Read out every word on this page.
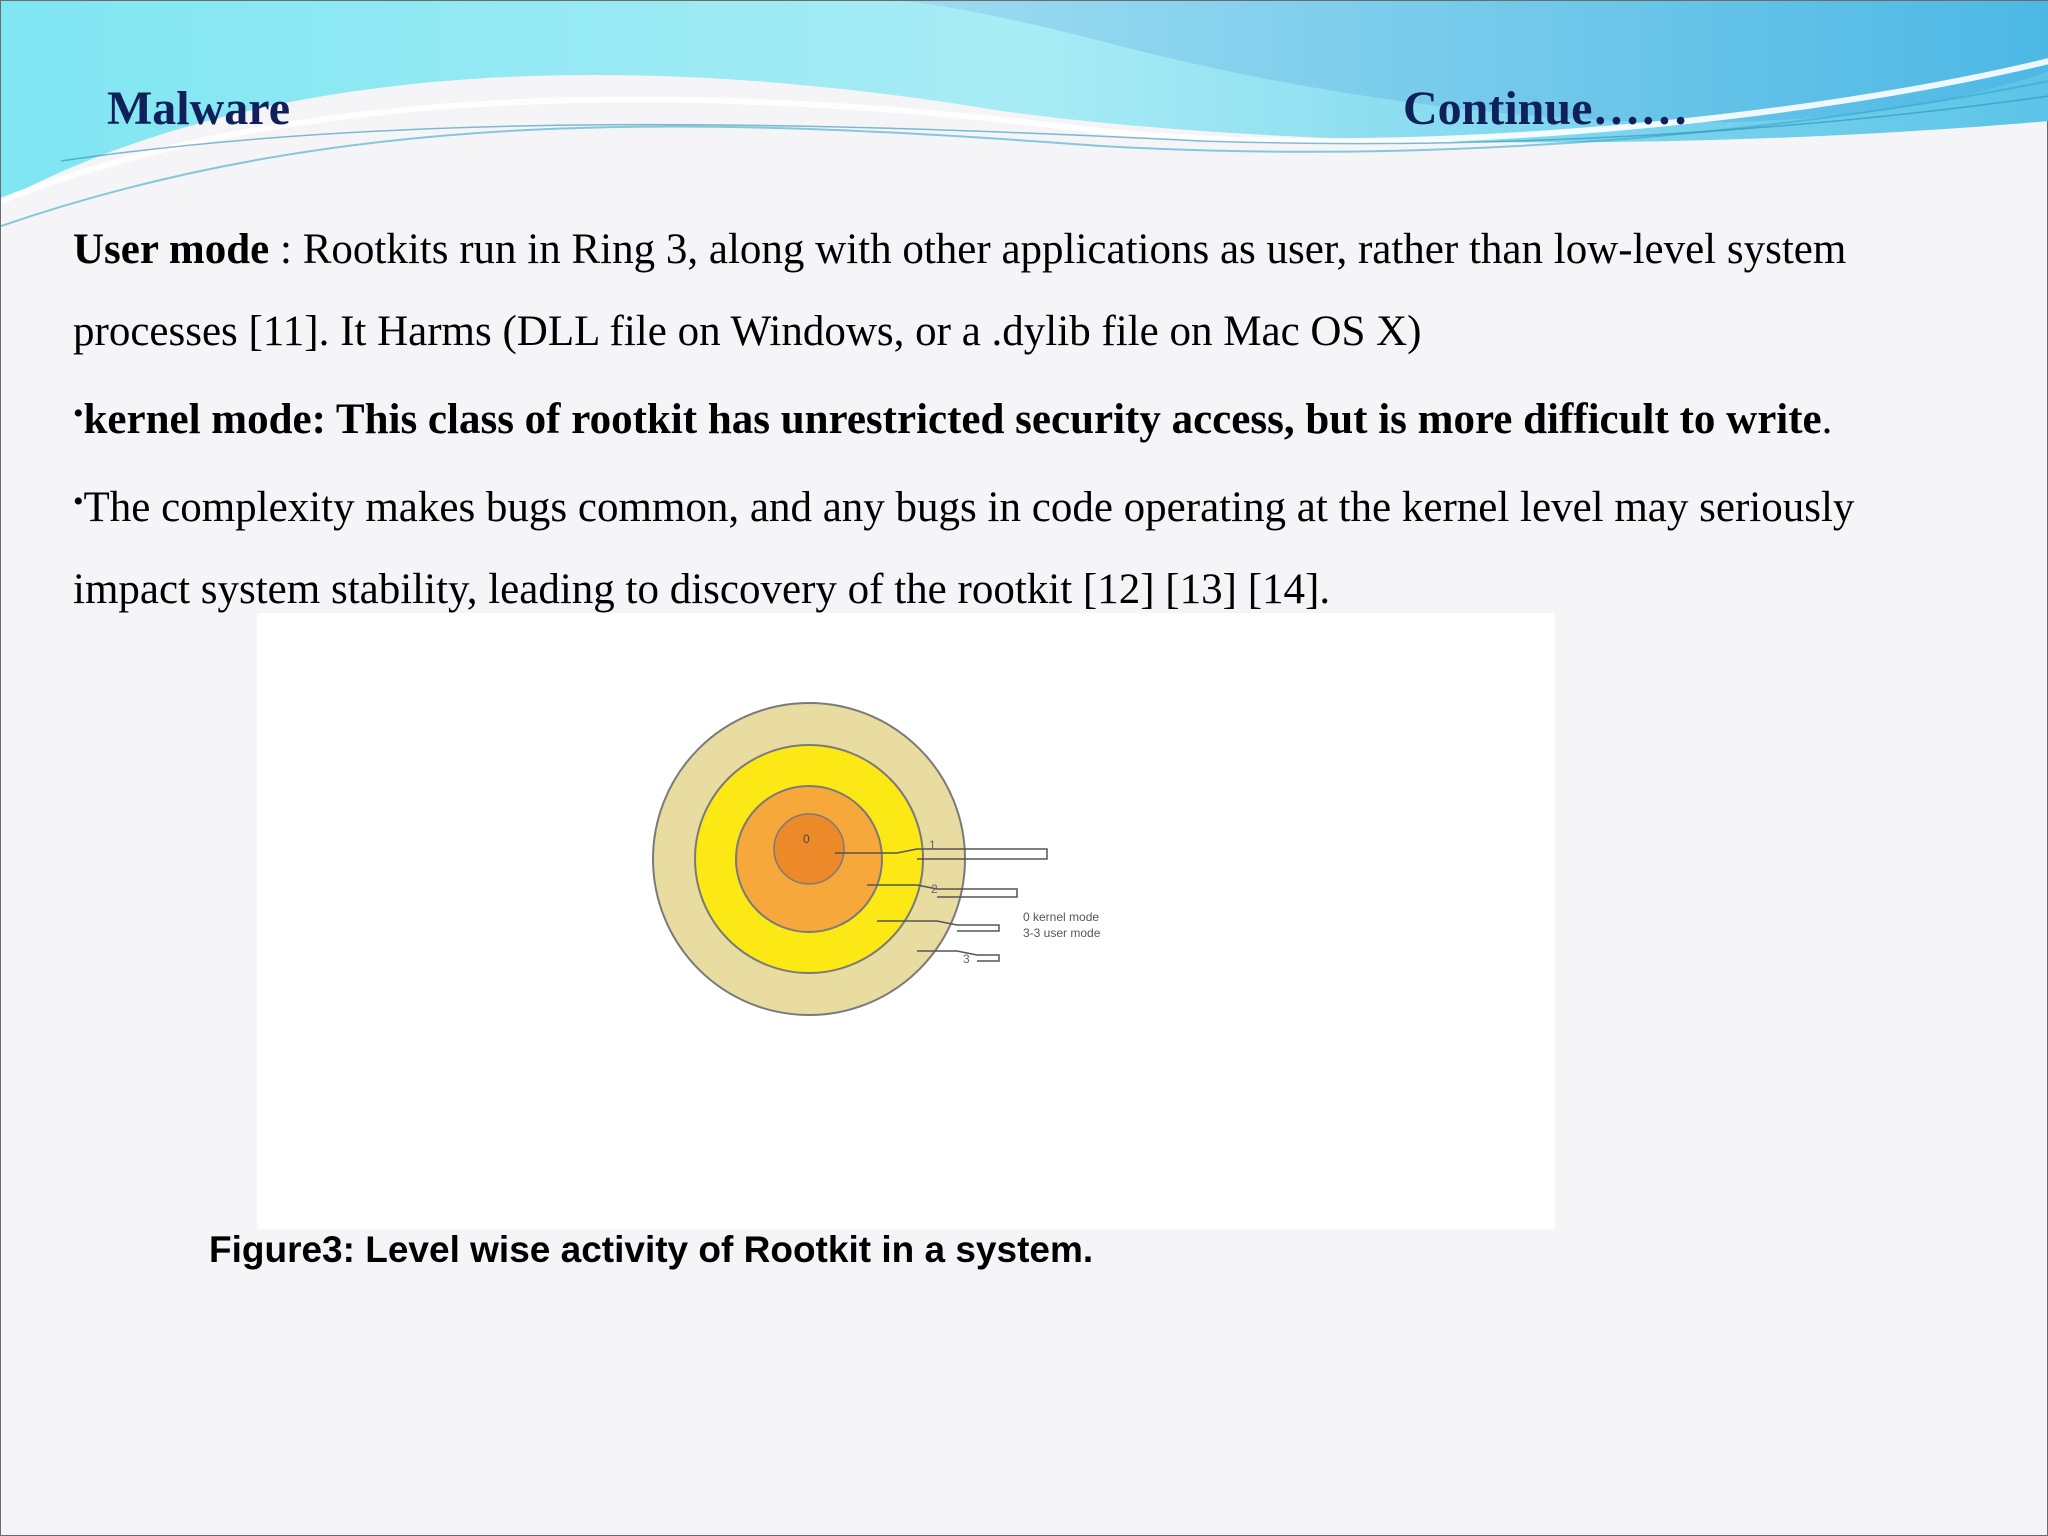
Malware	Continue……

User mode : Rootkits run in Ring 3, along with other applications as user, rather than low-level system

processes [11]. It Harms (DLL file on Windows, or a .dylib file on Mac OS X)

•kernel mode: This class of rootkit has unrestricted security access, but is more difficult to write.

•The complexity makes bugs common, and any bugs in code operating at the kernel level may seriously

impact system stability, leading to discovery of the rootkit [12] [13] [14].

0	1
2
3
0 kernel mode
3-3 user mode

Figure3: Level wise activity of Rootkit in a system.
